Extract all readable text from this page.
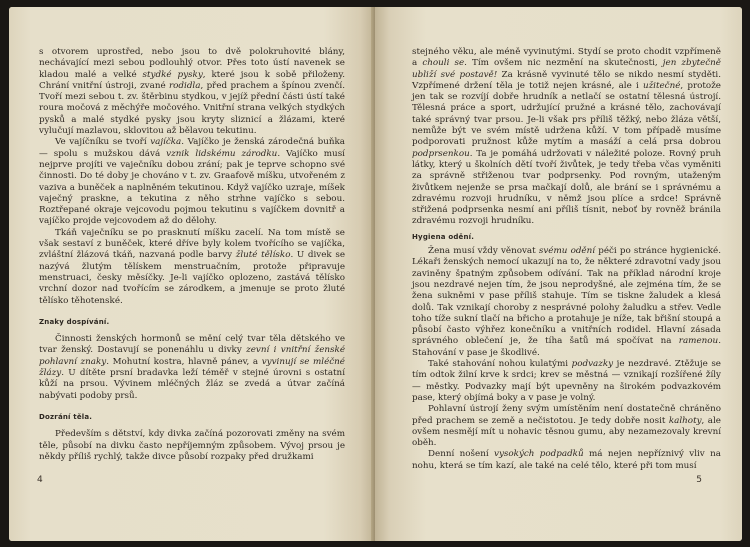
s otvorem uprostřed, nebo jsou to dvě polokruhovité blány, nechávající mezi sebou podlouhlý otvor. Přes toto ústí navenek se kladou malé a velké stydké pysky, které jsou k sobě přiloženy. Chrání vnitřní ústroji, zvané rodidla, před prachem a špínou zvenčí. Tvoří mezi sebou t. zv. štěrbinu stydkou, v jejíž přední části ústí také roura močová z měchýře močového. Vnitřní strana velkých stydkých pysků a malé stydké pysky jsou kryty sliznicí a žlázami, které vylučují mazlavou, sklovitou až bělavou tekutinu.

Ve vajíčníku se tvoří vajíčka. Vajíčko je ženská zárodečná buňka — spolu s mužskou dává vznik lidskému zárodku. Vajíčko musí nejprve projíti ve vaječníku dobou zrání; pak je teprve schopno své činnosti. Do té doby je chováno v t. zv. Graafově míšku, utvořeném z vaziva a buněček a naplněném tekutinou. Když vajíčko uzraje, míšek vaječný praskne, a tekutina z něho strhne vajíčko s sebou. Roztřepané okraje vejcovodu pojmou tekutinu s vajíčkem dovnitř a vajíčko projde vejcovodem až do dělohy.

Tkáň vaječníku se po prasknutí míšku zacelí. Na tom místě se však sestaví z buněček, které dříve byly kolem tvořícího se vajíčka, zvláštní žlázová tkáň, nazvaná podle barvy žluté tělísko. U divek se nazývá žlutým tělískem menstruačním, protože připravuje menstruaci, česky měsíčky. Je-li vajíčko oplozeno, zastává tělísko vrchní dozor nad tvořícím se zárodkem, a jmenuje se proto žluté tělísko těhotenské.

Znaky dospívání.

Činnosti ženských hormonů se mění celý tvar těla dětského ve tvar ženský. Dostavují se ponenáhlu u divky zevní i vnitřní ženské pohlavní znaky. Mohutní kostra, hlavně pánev, a vyvinují se mléčné žlázy. U dítěte prsní bradavka leží téměř v stejné úrovni s ostatní kůží na prsou. Vývinem mléčných žláz se zvedá a útvar začíná nabývati podoby prsů.

Dozrání těla.

Především s dětství, kdy divka začíná pozorovati změny na svém těle, působí na divku často nepříjemným způsobem. Vývoj prsou je někdy příliš rychlý, takže divce působí rozpaky před družkami

4

stejného věku, ale méně vyvinutými. Stydí se proto chodit vzpřímeně a chouli se. Tím ovšem nic nezmění na skutečnosti, jen zbytečně ubliží své postavě! Za krásně vyvinuté tělo se nikdo nesmí styděti. Vzpřímené držení těla je totiž nejen krásné, ale i užitečné, protože jen tak se rozvíjí dobře hrudník a netlačí se ostatní tělesná ústrojí. Tělesná práce a sport, udržující pružné a krásné tělo, zachovávají také správný tvar prsou. Je-li však prs příliš těžký, nebo žláza větší, nemůže být ve svém místě udržena kůží. V tom případě musíme podporovati pružnost kůže mytím a masáží a celá prsa dobrou podprsenkou. Ta je pomáhá udržovati v náležité poloze. Rovný pruh látky, který u školních dětí tvoří živůtek, je tedy třeba včas vyměniti za správně střiženou tvar podprsenky. Pod rovným, utaženým živůtkem nejenže se prsa mačkají dolů, ale brání se i správnému a zdravému rozvoji hrudníku, v němž jsou plíce a srdce! Správně střižená podprsenka nesmí ani příliš tísnit, neboť by rovněž bránila zdravému rozvoji hrudníku.

Hygiena odění.

Žena musí vždy věnovat svému odění péči po stránce hygienické. Lékaři ženských nemocí ukazují na to, že některé zdravotní vady jsou zaviněny špatným způsobem odívání. Tak na příklad národní kroje jsou nezdravé nejen tím, že jsou neprodyšné, ale zejména tím, že se žena sukněmi v pase příliš stahuje. Tím se tiskne žaludek a klesá dolů. Tak vznikají choroby z nesprávné polohy žaludku a střev. Vedle toho tíže sukní tlačí na břicho a protahuje je níže, tak břišní stoupá a působí často výhřez konečníku a vnitřních rodidel. Hlavní zásada správného oblečení je, že tíha šatů má spočívat na ramenou. Stahování v pase je škodlivé.

Také stahování nohou kulatými podvazky je nezdravé. Ztěžuje se tím odtok žilní krve k srdci; krev se městná — vznikají rozšířené žíly — městky. Podvazky mají být upevněny na širokém podvazkovém pase, který objímá boky a v pase je volný.

Pohlavní ústrojí ženy svým umístěním není dostatečně chráněno před prachem se země a nečistotou. Je tedy dobře nosit kalhoty, ale ovšem nesmějí mít u nohavic těsnou gumu, aby nezamezovaly krevní oběh.

Denní nošení vysokých podpadků má nejen nepříznivý vliv na nohu, která se tím kazí, ale také na celé tělo, které při tom musí

5
